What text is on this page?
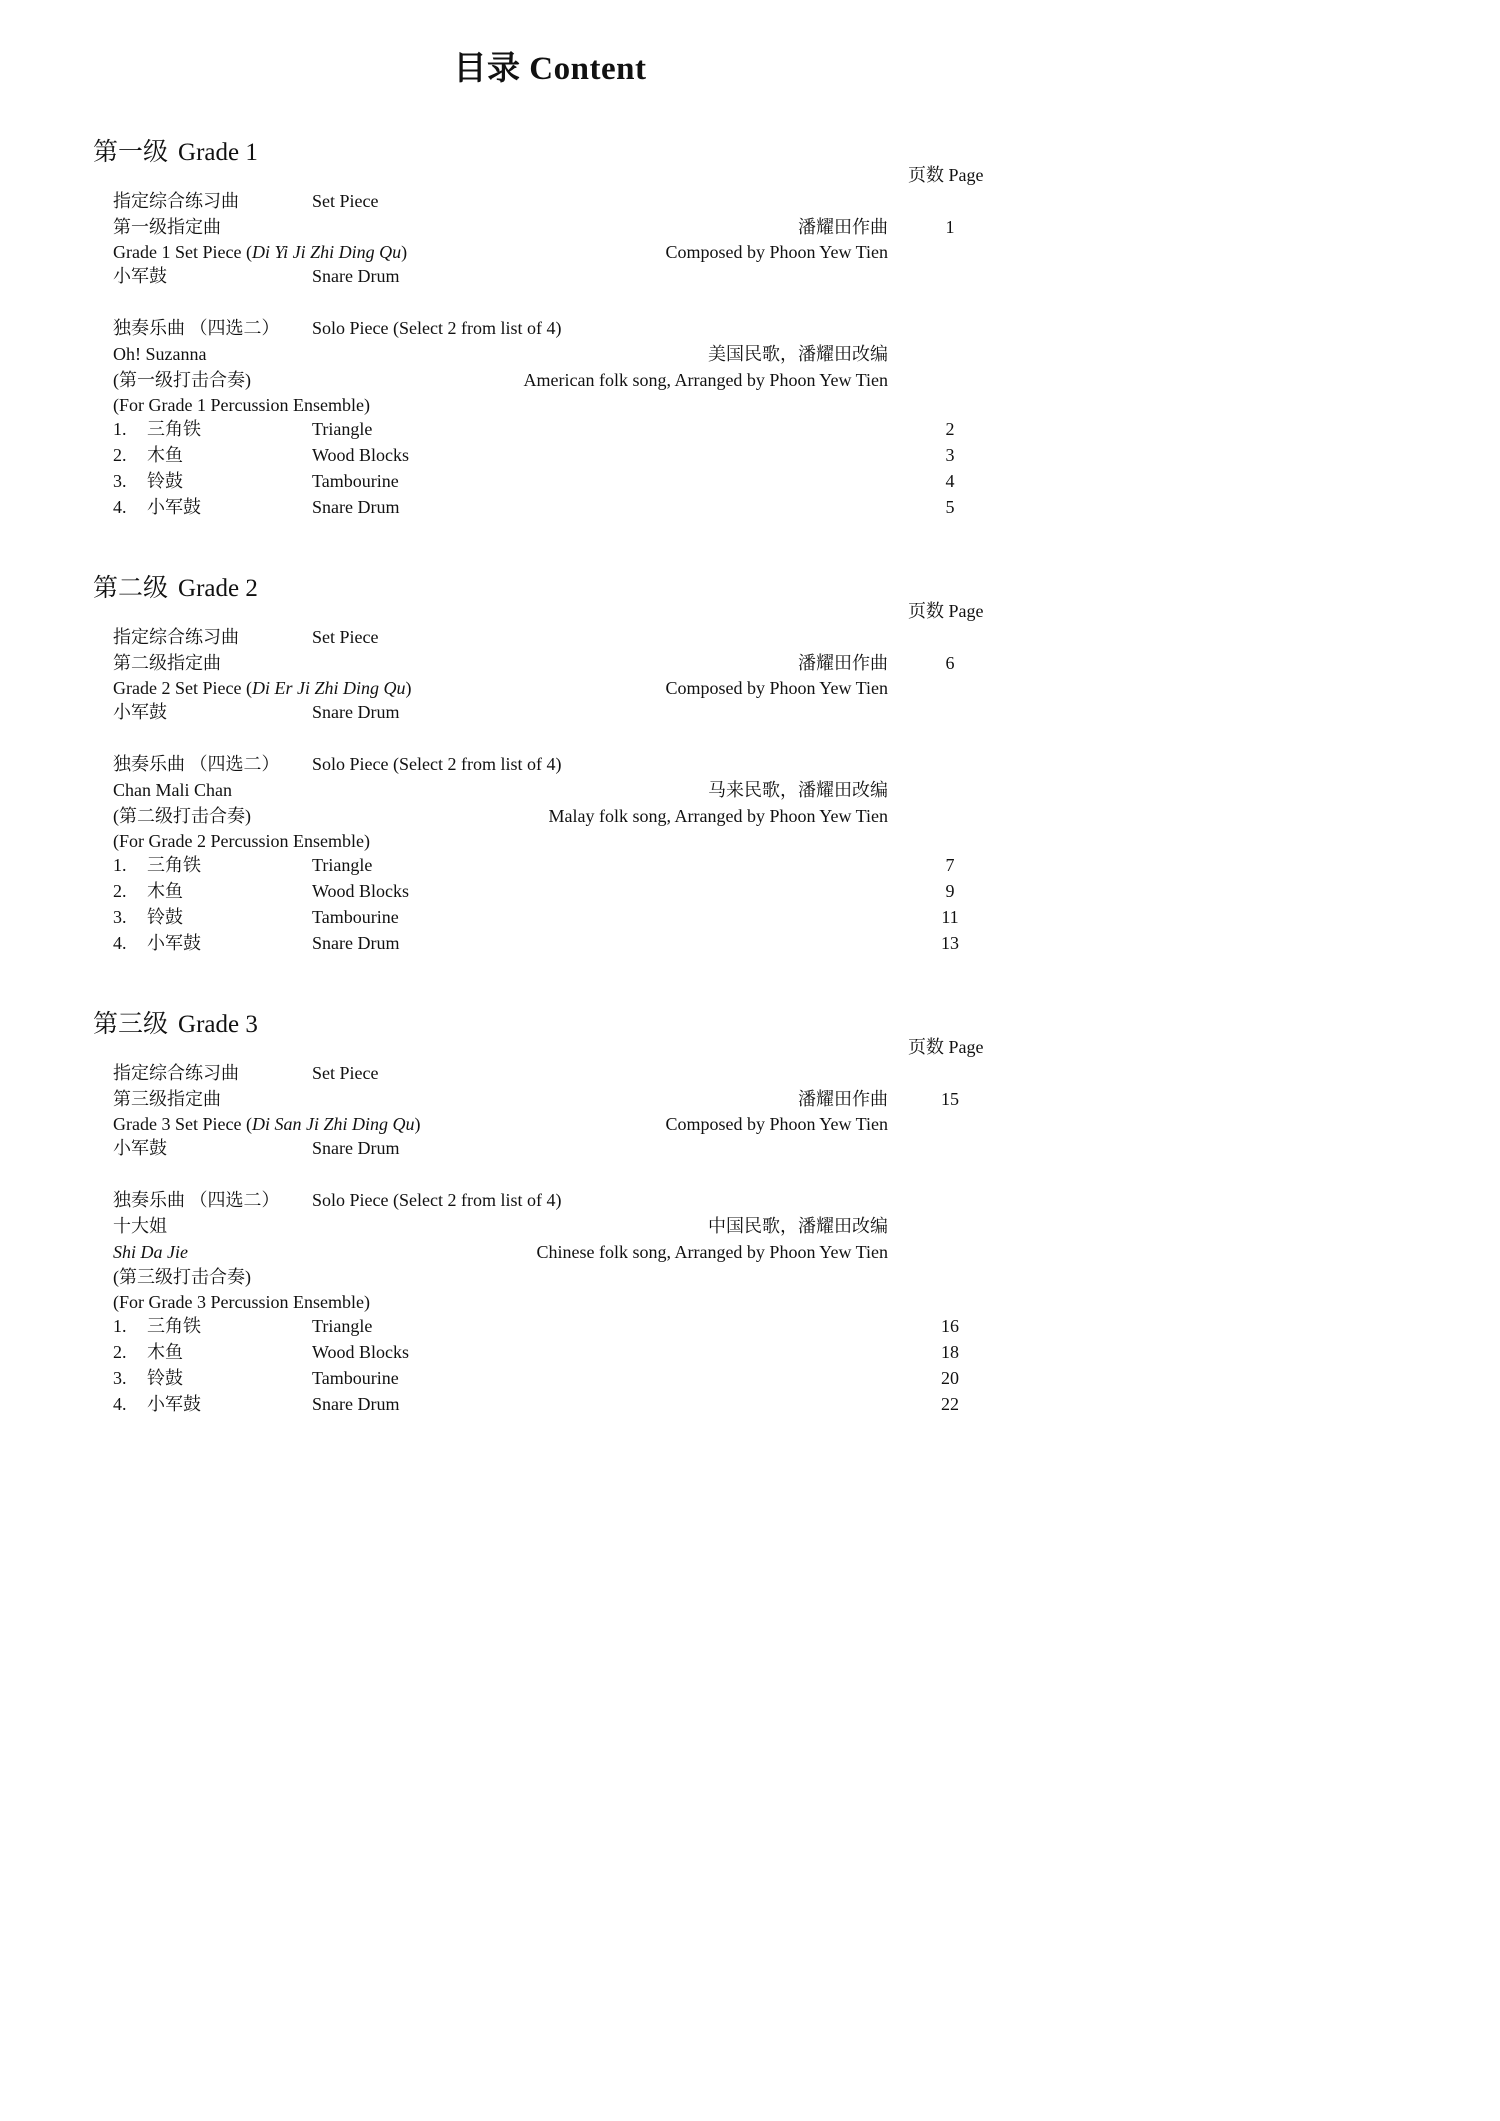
目录 Content
第一级 Grade 1
页数 Page
指定综合练习曲	Set Piece
第一级指定曲	潘耀田作曲	1
Grade 1 Set Piece (Di Yi Ji Zhi Ding Qu)	Composed by Phoon Yew Tien
小军鼓	Snare Drum
独奏乐曲 （四选二） Solo Piece (Select 2 from list of 4)
Oh! Suzanna	美国民歌，潘耀田改编
(第一级打击合奏)	American folk song, Arranged by Phoon Yew Tien
(For Grade 1 Percussion Ensemble)
1. 三角铁	Triangle	2
2. 木鱼	Wood Blocks	3
3. 铃鼓	Tambourine	4
4. 小军鼓	Snare Drum	5
第二级 Grade 2
页数 Page
指定综合练习曲	Set Piece
第二级指定曲	潘耀田作曲	6
Grade 2 Set Piece (Di Er Ji Zhi Ding Qu)	Composed by Phoon Yew Tien
小军鼓	Snare Drum
独奏乐曲 （四选二） Solo Piece (Select 2 from list of 4)
Chan Mali Chan	马来民歌，潘耀田改编
(第二级打击合奏)	Malay folk song, Arranged by Phoon Yew Tien
(For Grade 2 Percussion Ensemble)
1. 三角铁	Triangle	7
2. 木鱼	Wood Blocks	9
3. 铃鼓	Tambourine	11
4. 小军鼓	Snare Drum	13
第三级 Grade 3
页数 Page
指定综合练习曲	Set Piece
第三级指定曲	潘耀田作曲	15
Grade 3 Set Piece (Di San Ji Zhi Ding Qu)	Composed by Phoon Yew Tien
小军鼓	Snare Drum
独奏乐曲 （四选二） Solo Piece (Select 2 from list of 4)
十大姐	中国民歌，潘耀田改编
Shi Da Jie	Chinese folk song, Arranged by Phoon Yew Tien
(第三级打击合奏)
(For Grade 3 Percussion Ensemble)
1. 三角铁	Triangle	16
2. 木鱼	Wood Blocks	18
3. 铃鼓	Tambourine	20
4. 小军鼓	Snare Drum	22
